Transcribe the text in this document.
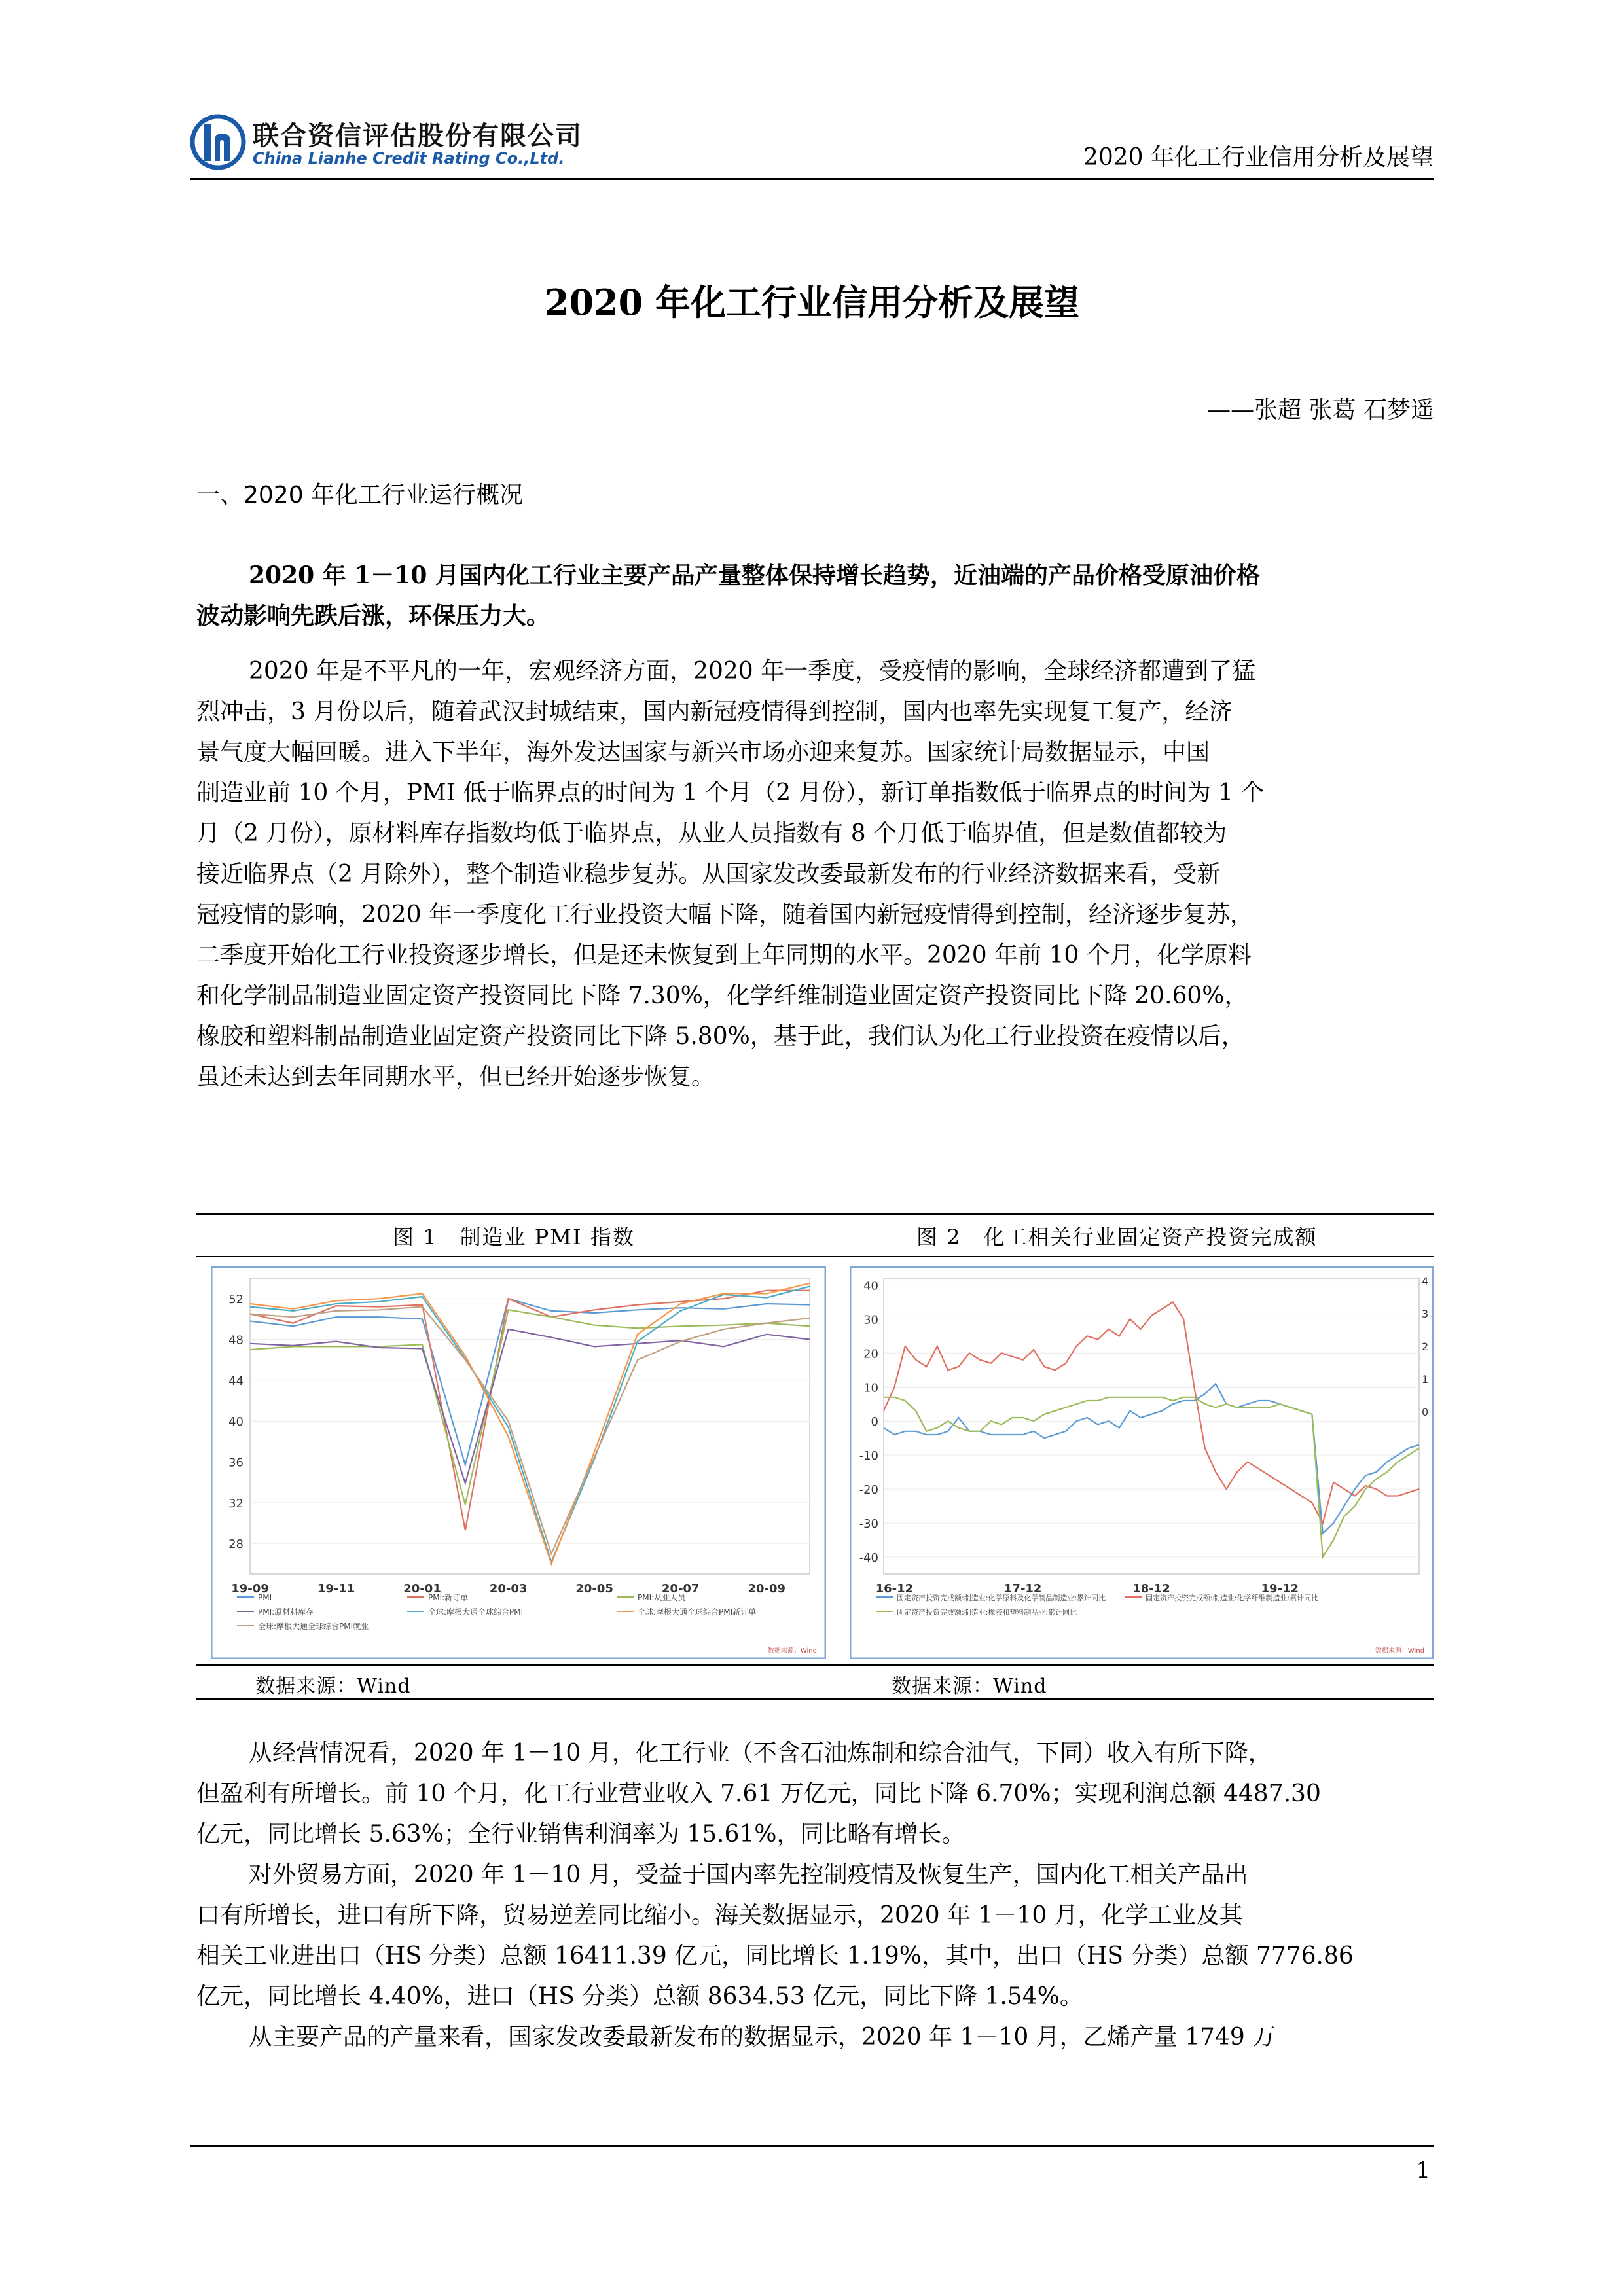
联合资信评估股份有限公司
China Lianhe Credit Rating Co.,Ltd.	2020 年化工行业信用分析及展望
2020 年化工行业信用分析及展望
——张超 张葛 石梦遥
一、2020 年化工行业运行概况
2020 年 1－10 月国内化工行业主要产品产量整体保持增长趋势，近油端的产品价格受原油价格
波动影响先跌后涨，环保压力大。
2020 年是不平凡的一年，宏观经济方面，2020 年一季度，受疫情的影响，全球经济都遭到了猛
烈冲击，3 月份以后，随着武汉封城结束，国内新冠疫情得到控制，国内也率先实现复工复产，经济
景气度大幅回暖。进入下半年，海外发达国家与新兴市场亦迎来复苏。国家统计局数据显示，中国
制造业前 10 个月，PMI 低于临界点的时间为 1 个月（2 月份），新订单指数低于临界点的时间为 1 个
月（2 月份），原材料库存指数均低于临界点，从业人员指数有 8 个月低于临界值，但是数值都较为
接近临界点（2 月除外），整个制造业稳步复苏。从国家发改委最新发布的行业经济数据来看，受新
冠疫情的影响，2020 年一季度化工行业投资大幅下降，随着国内新冠疫情得到控制，经济逐步复苏，
二季度开始化工行业投资逐步增长，但是还未恢复到上年同期的水平。2020 年前 10 个月，化学原料
和化学制品制造业固定资产投资同比下降 7.30%，化学纤维制造业固定资产投资同比下降 20.60%，
橡胶和塑料制品制造业固定资产投资同比下降 5.80%，基于此，我们认为化工行业投资在疫情以后，
虽还未达到去年同期水平，但已经开始逐步恢复。
图 1　制造业 PMI 指数	图 2　化工相关行业固定资产投资完成额
52
48
44
40
36
32
28
19-09	19-11	20-01	20-03	20-05	20-07	20-09
PMI	PMI:新订单	PMI:从业人员
PMI:原材料库存	全球:摩根大通全球综合PMI	全球:摩根大通全球综合PMI新订单
全球:摩根大通全球综合PMI就业
数据来源：Wind
40
30
20
10
0
-10
-20
-30
-40
4
3
2
1
0
16-12	17-12	18-12	19-12
固定资产投资完成额:制造业:化学原料及化学制品制造业:累计同比	固定资产投资完成额:制造业:化学纤维制造业:累计同比
固定资产投资完成额:制造业:橡胶和塑料制品业:累计同比
数据来源：Wind
数据来源：Wind	数据来源：Wind
从经营情况看，2020 年 1－10 月，化工行业（不含石油炼制和综合油气，下同）收入有所下降，
但盈利有所增长。前 10 个月，化工行业营业收入 7.61 万亿元，同比下降 6.70%；实现利润总额 4487.30
亿元，同比增长 5.63%；全行业销售利润率为 15.61%，同比略有增长。
对外贸易方面，2020 年 1－10 月，受益于国内率先控制疫情及恢复生产，国内化工相关产品出
口有所增长，进口有所下降，贸易逆差同比缩小。海关数据显示，2020 年 1－10 月，化学工业及其
相关工业进出口（HS 分类）总额 16411.39 亿元，同比增长 1.19%，其中，出口（HS 分类）总额 7776.86
亿元，同比增长 4.40%，进口（HS 分类）总额 8634.53 亿元，同比下降 1.54%。
从主要产品的产量来看，国家发改委最新发布的数据显示，2020 年 1－10 月，乙烯产量 1749 万
1
